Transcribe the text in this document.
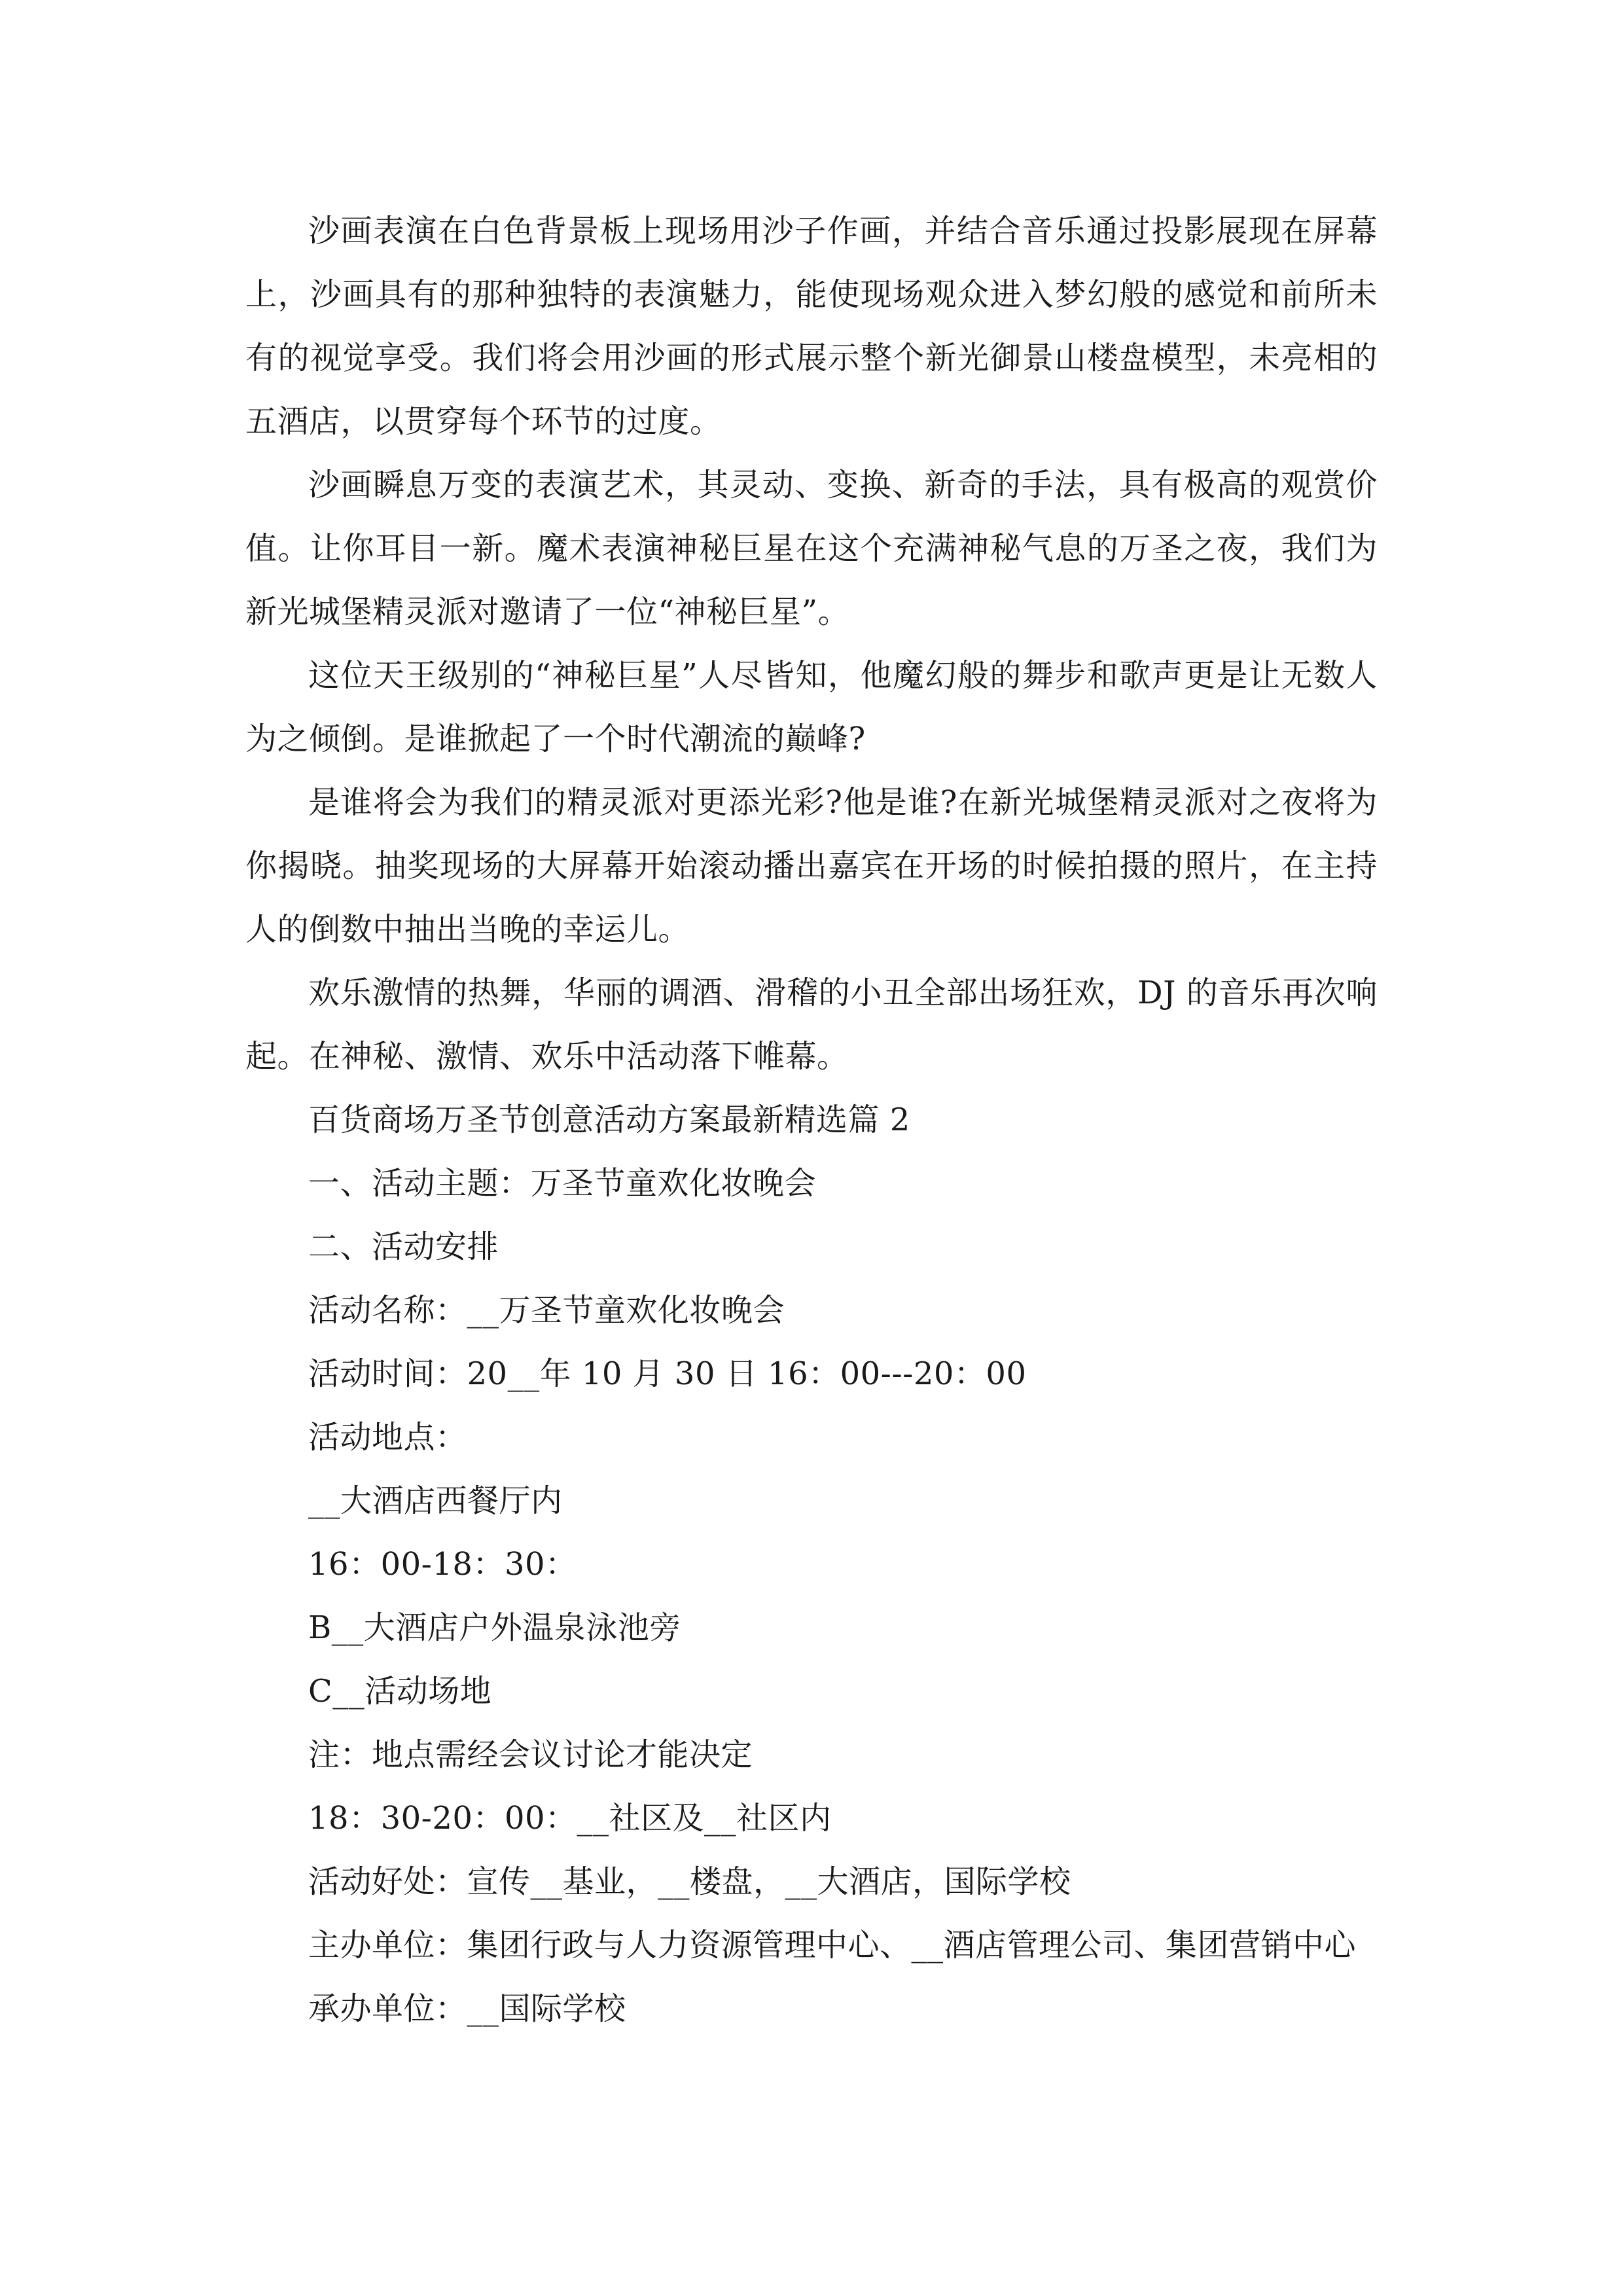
沙画表演在白色背景板上现场用沙子作画，并结合音乐通过投影展现在屏幕上，沙画具有的那种独特的表演魅力，能使现场观众进入梦幻般的感觉和前所未有的视觉享受。我们将会用沙画的形式展示整个新光御景山楼盘模型，未亮相的五酒店，以贯穿每个环节的过度。

沙画瞬息万变的表演艺术，其灵动、变换、新奇的手法，具有极高的观赏价值。让你耳目一新。魔术表演神秘巨星在这个充满神秘气息的万圣之夜，我们为新光城堡精灵派对邀请了一位“神秘巨星”。

这位天王级别的“神秘巨星”人尽皆知，他魔幻般的舞步和歌声更是让无数人为之倾倒。是谁掀起了一个时代潮流的巅峰?

是谁将会为我们的精灵派对更添光彩?他是谁?在新光城堡精灵派对之夜将为你揭晓。抽奖现场的大屏幕开始滚动播出嘉宾在开场的时候拍摄的照片，在主持人的倒数中抽出当晚的幸运儿。

欢乐激情的热舞，华丽的调酒、滑稽的小丑全部出场狂欢，DJ 的音乐再次响起。在神秘、激情、欢乐中活动落下帷幕。

百货商场万圣节创意活动方案最新精选篇 2

一、活动主题：万圣节童欢化妆晚会

二、活动安排

活动名称：__万圣节童欢化妆晚会

活动时间：20__年 10 月 30 日 16：00---20：00

活动地点：

__大酒店西餐厅内

16：00-18：30：

B__大酒店户外温泉泳池旁

C__活动场地

注：地点需经会议讨论才能决定

18：30-20：00：__社区及__社区内

活动好处：宣传__基业，__楼盘，__大酒店，国际学校

主办单位：集团行政与人力资源管理中心、__酒店管理公司、集团营销中心

承办单位：__国际学校
